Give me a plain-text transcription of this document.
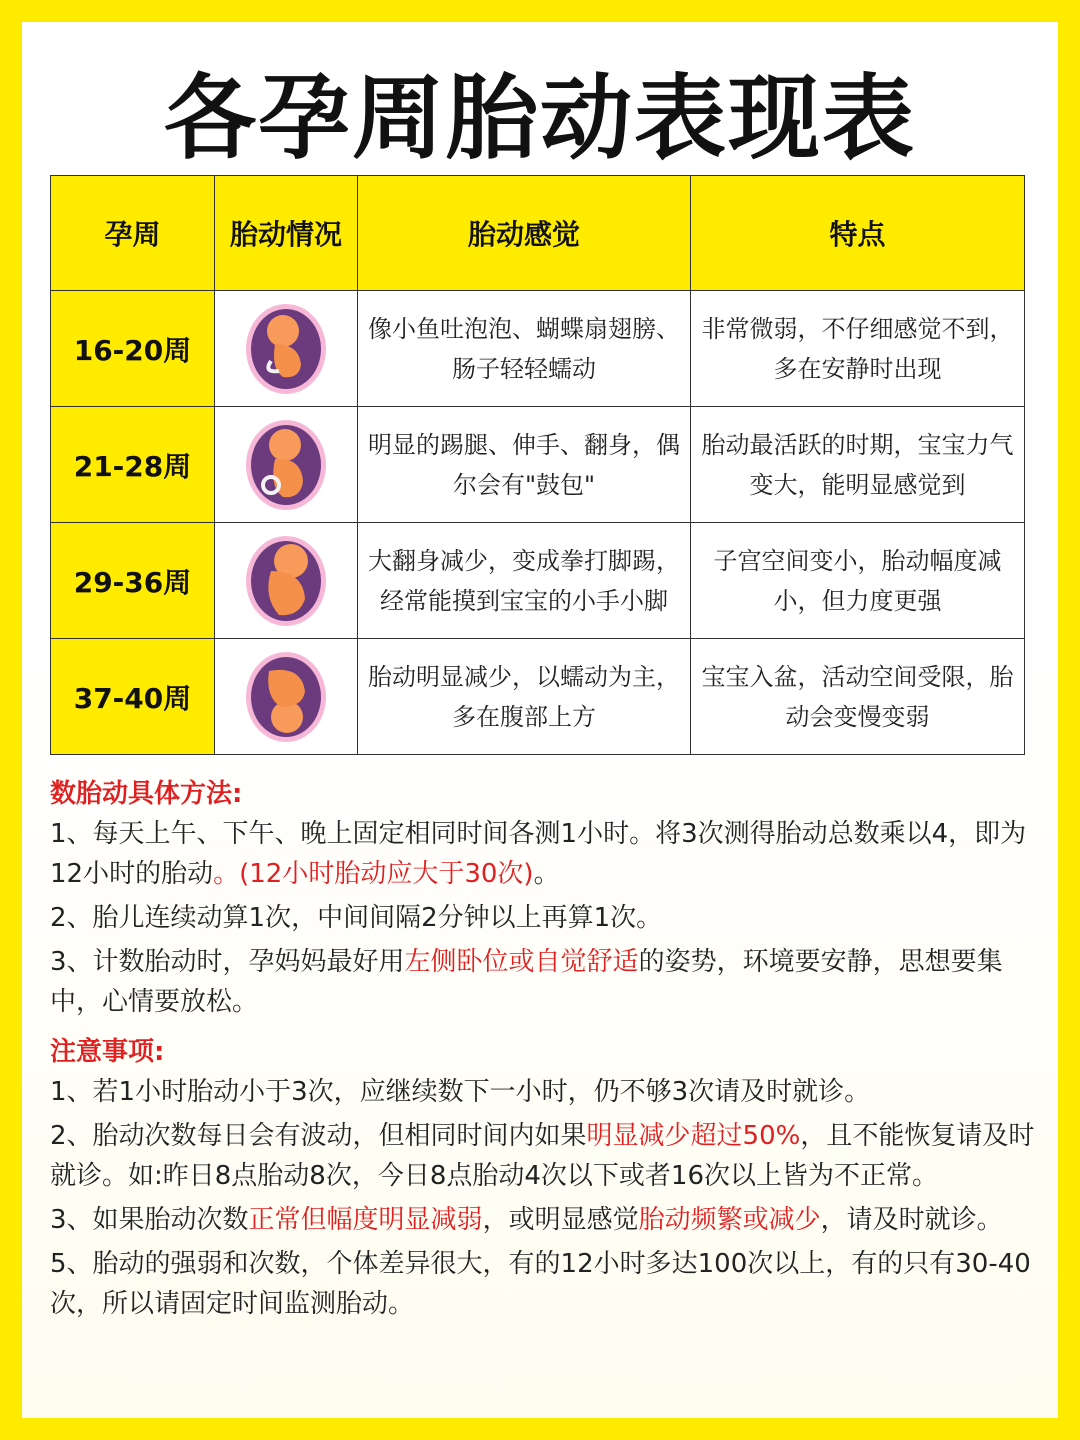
各孕周胎动表现表
孕周	胎动情况	胎动感觉	特点
16-20周		像小鱼吐泡泡、蝴蝶扇翅膀、肠子轻轻蠕动	非常微弱，不仔细感觉不到，多在安静时出现
21-28周		明显的踢腿、伸手、翻身，偶尔会有"鼓包"	胎动最活跃的时期，宝宝力气变大，能明显感觉到
29-36周		大翻身减少，变成拳打脚踢，经常能摸到宝宝的小手小脚	子宫空间变小，胎动幅度减小，但力度更强
37-40周		胎动明显减少，以蠕动为主，多在腹部上方	宝宝入盆，活动空间受限，胎动会变慢变弱
数胎动具体方法:

1、每天上午、下午、晚上固定相同时间各测1小时。将3次测得胎动总数乘以4，即为12小时的胎动。(12小时胎动应大于30次)。

2、胎儿连续动算1次，中间间隔2分钟以上再算1次。

3、计数胎动时，孕妈妈最好用左侧卧位或自觉舒适的姿势，环境要安静，思想要集中，心情要放松。

注意事项:

1、若1小时胎动小于3次，应继续数下一小时，仍不够3次请及时就诊。

2、胎动次数每日会有波动，但相同时间内如果明显减少超过50%，且不能恢复请及时就诊。如:昨日8点胎动8次，今日8点胎动4次以下或者16次以上皆为不正常。

3、如果胎动次数正常但幅度明显减弱，或明显感觉胎动频繁或减少，请及时就诊。

5、胎动的强弱和次数，个体差异很大，有的12小时多达100次以上，有的只有30-40次，所以请固定时间监测胎动。
